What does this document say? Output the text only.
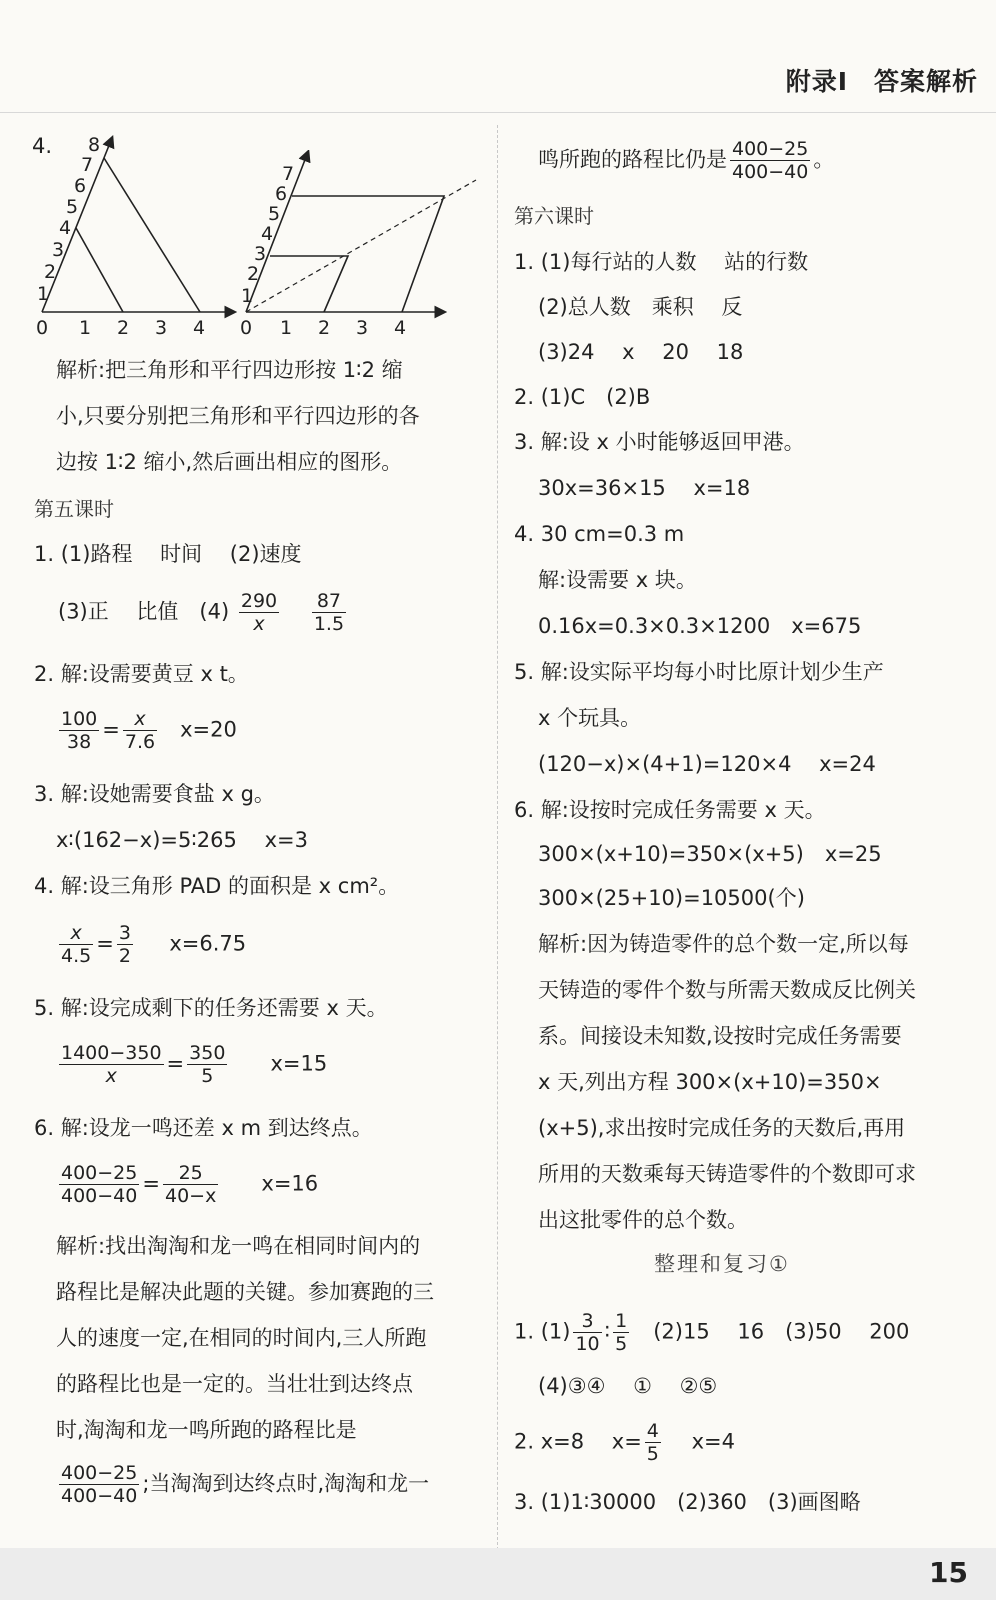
附录Ⅰ　答案解析
4.
1
2
3
4
5
6
7
8
0 1 2 3 4
1
2
3
4
5
6
7
0 1 2 3 4
解析:把三角形和平行四边形按 1∶2 缩
小,只要分别把三角形和平行四边形的各
边按 1∶2 缩小,然后画出相应的图形。
第五课时
1. (1)路程　 时间　 (2)速度
(3)正　 比值　$(4) \frac{290}{x}$
$\frac{87}{1.5}$
2. 解:设需要黄豆 x t。
$\frac{100}{38} = \frac{x}{7.6} x=20$
3. 解:设她需要食盐 x g。
x∶(162−x)=5∶265　 x=3
4. 解:设三角形 PAD 的面积是 x cm²。
$\frac{x}{4.5} = \frac{3}{2} x=6.75$
5. 解:设完成剩下的任务还需要 x 天。
$\frac{1400-350}{x} = \frac{350}{5} x=15$
6. 解:设龙一鸣还差 x m 到达终点。
$\frac{400-25}{400-40} = \frac{25}{40-x} x=16$
解析:找出淘淘和龙一鸣在相同时间内的
路程比是解决此题的关键。参加赛跑的三
人的速度一定,在相同的时间内,三人所跑
的路程比也是一定的。当壮壮到达终点
时,淘淘和龙一鸣所跑的路程比是
$\frac{400-25}{400-40}$ ;当淘淘到达终点时,淘淘和龙一
鸣所跑的路程比仍是 $\frac{400-25}{400-40}$ 。
第六课时
1. (1)每行站的人数　 站的行数
(2)总人数　乘积　 反
(3)24　 x　 20　 18
2. (1)C　(2)B
3. 解:设 x 小时能够返回甲港。
30x=36×15　 x=18
4. 30 cm=0.3 m
解:设需要 x 块。
0.16x=0.3×0.3×1200　x=675
5. 解:设实际平均每小时比原计划少生产
x 个玩具。
(120−x)×(4+1)=120×4　 x=24
6. 解:设按时完成任务需要 x 天。
300×(x+10)=350×(x+5)　x=25
300×(25+10)=10500(个)
解析:因为铸造零件的总个数一定,所以每
天铸造的零件个数与所需天数成反比例关
系。间接设未知数,设按时完成任务需要
x 天,列出方程 300×(x+10)=350×
(x+5),求出按时完成任务的天数后,再用
所用的天数乘每天铸造零件的个数即可求
出这批零件的总个数。
整理和复习①
1. $(1) \frac{3}{10}$ ∶ $\frac{1}{5}$ 　(2)15　 16　(3)50　 200
(4)③④　 ①　 ②⑤
2. x=8　 $x= \frac{4}{5}$ 　 x=4
3. (1)1∶30000　(2)360　(3)画图略
15
